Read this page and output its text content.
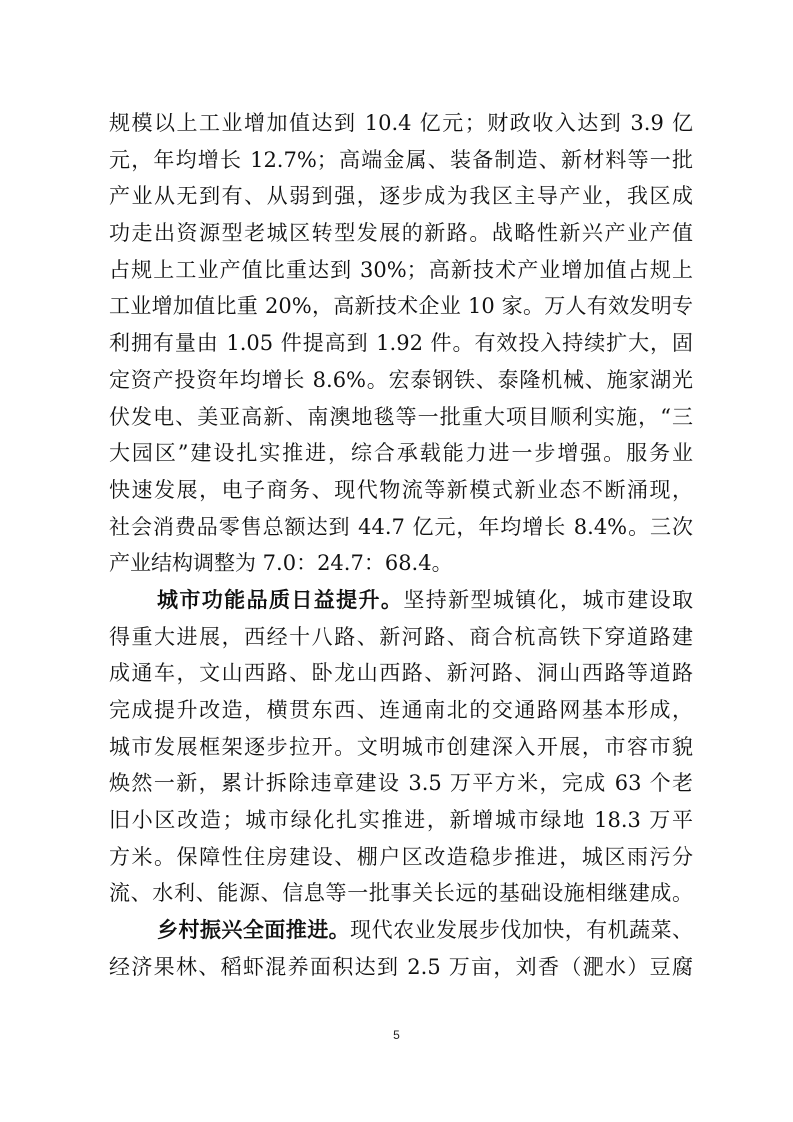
规模以上工业增加值达到 10.4 亿元；财政收入达到 3.9 亿
元，年均增长 12.7%；高端金属、装备制造、新材料等一批
产业从无到有、从弱到强，逐步成为我区主导产业，我区成
功走出资源型老城区转型发展的新路。战略性新兴产业产值
占规上工业产值比重达到 30%；高新技术产业增加值占规上
工业增加值比重 20%，高新技术企业 10 家。万人有效发明专
利拥有量由 1.05 件提高到 1.92 件。有效投入持续扩大，固
定资产投资年均增长 8.6%。宏泰钢铁、泰隆机械、施家湖光
伏发电、美亚高新、南澳地毯等一批重大项目顺利实施，“三
大园区”建设扎实推进，综合承载能力进一步增强。服务业
快速发展，电子商务、现代物流等新模式新业态不断涌现，
社会消费品零售总额达到 44.7 亿元，年均增长 8.4%。三次
产业结构调整为 7.0：24.7：68.4。
城市功能品质日益提升。坚持新型城镇化，城市建设取
得重大进展，西经十八路、新河路、商合杭高铁下穿道路建
成通车，文山西路、卧龙山西路、新河路、洞山西路等道路
完成提升改造，横贯东西、连通南北的交通路网基本形成，
城市发展框架逐步拉开。文明城市创建深入开展，市容市貌
焕然一新，累计拆除违章建设 3.5 万平方米，完成 63 个老
旧小区改造；城市绿化扎实推进，新增城市绿地 18.3 万平
方米。保障性住房建设、棚户区改造稳步推进，城区雨污分
流、水利、能源、信息等一批事关长远的基础设施相继建成。
乡村振兴全面推进。现代农业发展步伐加快，有机蔬菜、
经济果林、稻虾混养面积达到 2.5 万亩，刘香（淝水）豆腐
5
